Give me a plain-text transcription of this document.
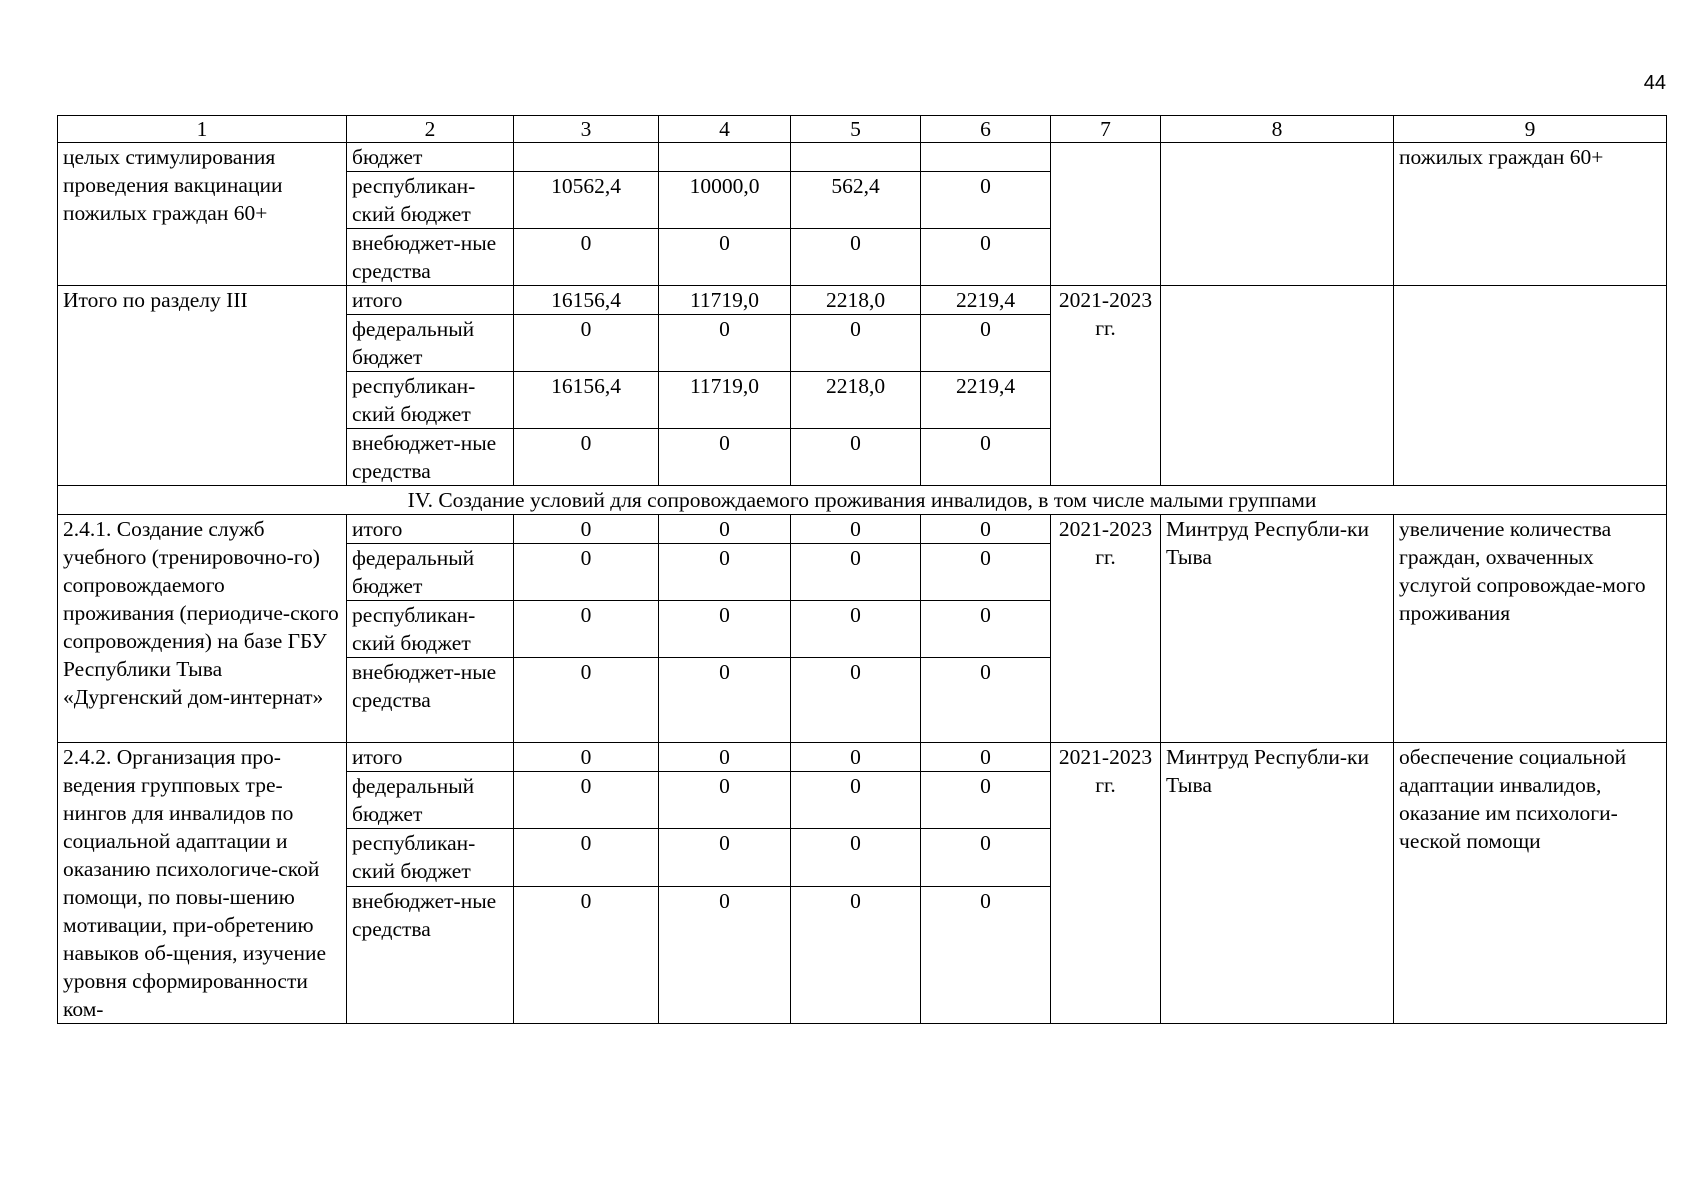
44
1	2	3	4	5	6	7	8	9
целых стимулирования проведения вакцинации пожилых граждан 60+	бюджет							пожилых граждан 60+
	республикан-ский бюджет	10562,4	10000,0	562,4	0			
	внебюджет-ные средства	0	0	0	0			
Итого по разделу III	итого	16156,4	11719,0	2218,0	2219,4	2021-2023 гг.		
	федеральный бюджет	0	0	0	0			
	республикан-ский бюджет	16156,4	11719,0	2218,0	2219,4			
	внебюджет-ные средства	0	0	0	0			
IV. Создание условий для сопровождаемого проживания инвалидов, в том числе малыми группами								
2.4.1. Создание служб учебного (тренировочно-го) сопровождаемого проживания (периодиче-ского сопровождения) на базе ГБУ Республики Тыва «Дургенский дом-интернат»	итого	0	0	0	0	2021-2023 гг.	Минтруд Республи-ки Тыва	увеличение количества граждан, охваченных услугой сопровождае-мого проживания
	федеральный бюджет	0	0	0	0			
	республикан-ский бюджет	0	0	0	0			
	внебюджет-ные средства	0	0	0	0			
2.4.2. Организация про-ведения групповых тре-нингов для инвалидов по социальной адаптации и оказанию психологиче-ской помощи, по повы-шению мотивации, при-обретению навыков об-щения, изучение уровня сформированности ком-	итого	0	0	0	0	2021-2023 гг.	Минтруд Республи-ки Тыва	обеспечение социальной адаптации инвалидов, оказание им психологи-ческой помощи
	федеральный бюджет	0	0	0	0			
	республикан-ский бюджет	0	0	0	0			
	внебюджет-ные средства	0	0	0	0			
